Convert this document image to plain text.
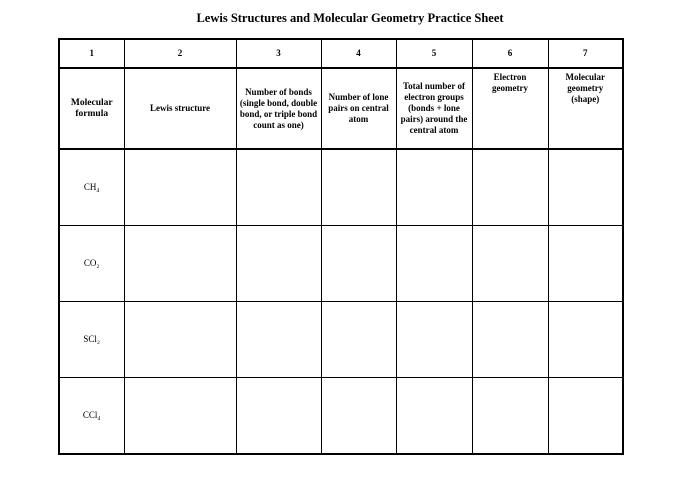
Lewis Structures and Molecular Geometry Practice Sheet
1	2	3	4	5	6	7
Molecular formula	Lewis structure	Number of bonds (single bond, double bond, or triple bond count as one)	Number of lone pairs on central atom	Total number of electron groups (bonds + lone pairs) around the central atom	Electron geometry	Molecular geometry (shape)
CH₄						
CO₂						
SCl₂						
CCl₄						
